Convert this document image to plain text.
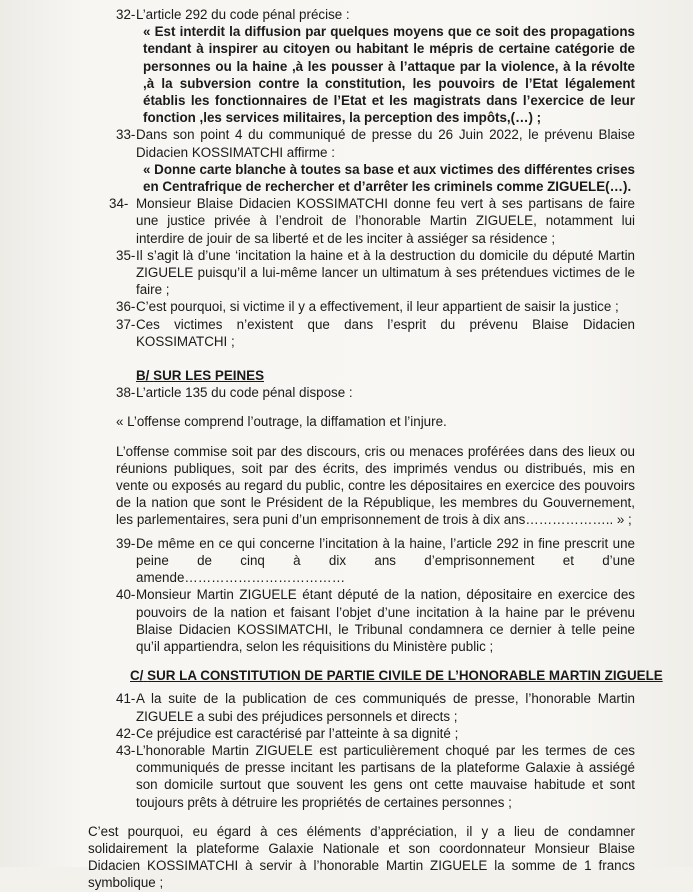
32- L’article 292 du code pénal précise :

« Est interdit la diffusion par quelques moyens que ce soit des propagations tendant à inspirer au citoyen ou habitant le mépris de certaine catégorie de personnes ou la haine ,à les pousser à l’attaque par la violence, à la révolte ,à la subversion contre la constitution, les pouvoirs de l’Etat légalement établis les fonctionnaires de l’Etat et les magistrats dans l’exercice de leur fonction ,les services militaires, la perception des impôts,(…) ;

33- Dans son point 4 du communiqué de presse du 26 Juin 2022, le prévenu Blaise Didacien KOSSIMATCHI affirme :

« Donne carte blanche à toutes sa base et aux victimes des différentes crises en Centrafrique de rechercher et d’arrêter les criminels comme ZIGUELE(…).

34- Monsieur Blaise Didacien KOSSIMATCHI donne feu vert à ses partisans de faire une justice privée à l’endroit de l’honorable Martin ZIGUELE, notamment lui interdire de jouir de sa liberté et de les inciter à assiéger sa résidence ;
35- Il s’agit là d’une ‘incitation la haine et à la destruction du domicile du député Martin ZIGUELE puisqu’il a lui-même lancer un ultimatum à ses prétendues victimes de le faire ;
36- C’est pourquoi, si victime il y a effectivement, il leur appartient de saisir la justice ;
37- Ces victimes n’existent que dans l’esprit du prévenu Blaise Didacien KOSSIMATCHI ;

B/ SUR LES PEINES

38- L’article 135 du code pénal dispose :

« L’offense comprend l’outrage, la diffamation et l’injure.

L’offense commise soit par des discours, cris ou menaces proférées dans des lieux ou réunions publiques, soit par des écrits, des imprimés vendus ou distribués, mis en vente ou exposés au regard du public, contre les dépositaires en exercice des pouvoirs de la nation que sont le Président de la République, les membres du Gouvernement, les parlementaires, sera puni d’un emprisonnement de trois à dix ans……………….. » ;

39- De même en ce qui concerne l’incitation à la haine, l’article 292 in fine prescrit une peine de cinq à dix ans d’emprisonnement et d’une amende………………………………
40- Monsieur Martin ZIGUELE étant député de la nation, dépositaire en exercice des pouvoirs de la nation et faisant l’objet d’une incitation à la haine par le prévenu Blaise Didacien KOSSIMATCHI, le Tribunal condamnera ce dernier à telle peine qu’il appartiendra, selon les réquisitions du Ministère public ;

C/ SUR LA CONSTITUTION DE PARTIE CIVILE DE L’HONORABLE MARTIN ZIGUELE

41- A la suite de la publication de ces communiqués de presse, l’honorable Martin ZIGUELE a subi des préjudices personnels et directs ;
42- Ce préjudice est caractérisé par l’atteinte à sa dignité ;
43- L’honorable Martin ZIGUELE est particulièrement choqué par les termes de ces communiqués de presse incitant les partisans de la plateforme Galaxie à assiégé son domicile surtout que souvent les gens ont cette mauvaise habitude et sont toujours prêts à détruire les propriétés de certaines personnes ;

C’est pourquoi, eu égard à ces éléments d’appréciation, il y a lieu de condamner solidairement la plateforme Galaxie Nationale et son coordonnateur Monsieur Blaise Didacien KOSSIMATCHI à servir à l’honorable Martin ZIGUELE la somme de 1 francs symbolique ;
